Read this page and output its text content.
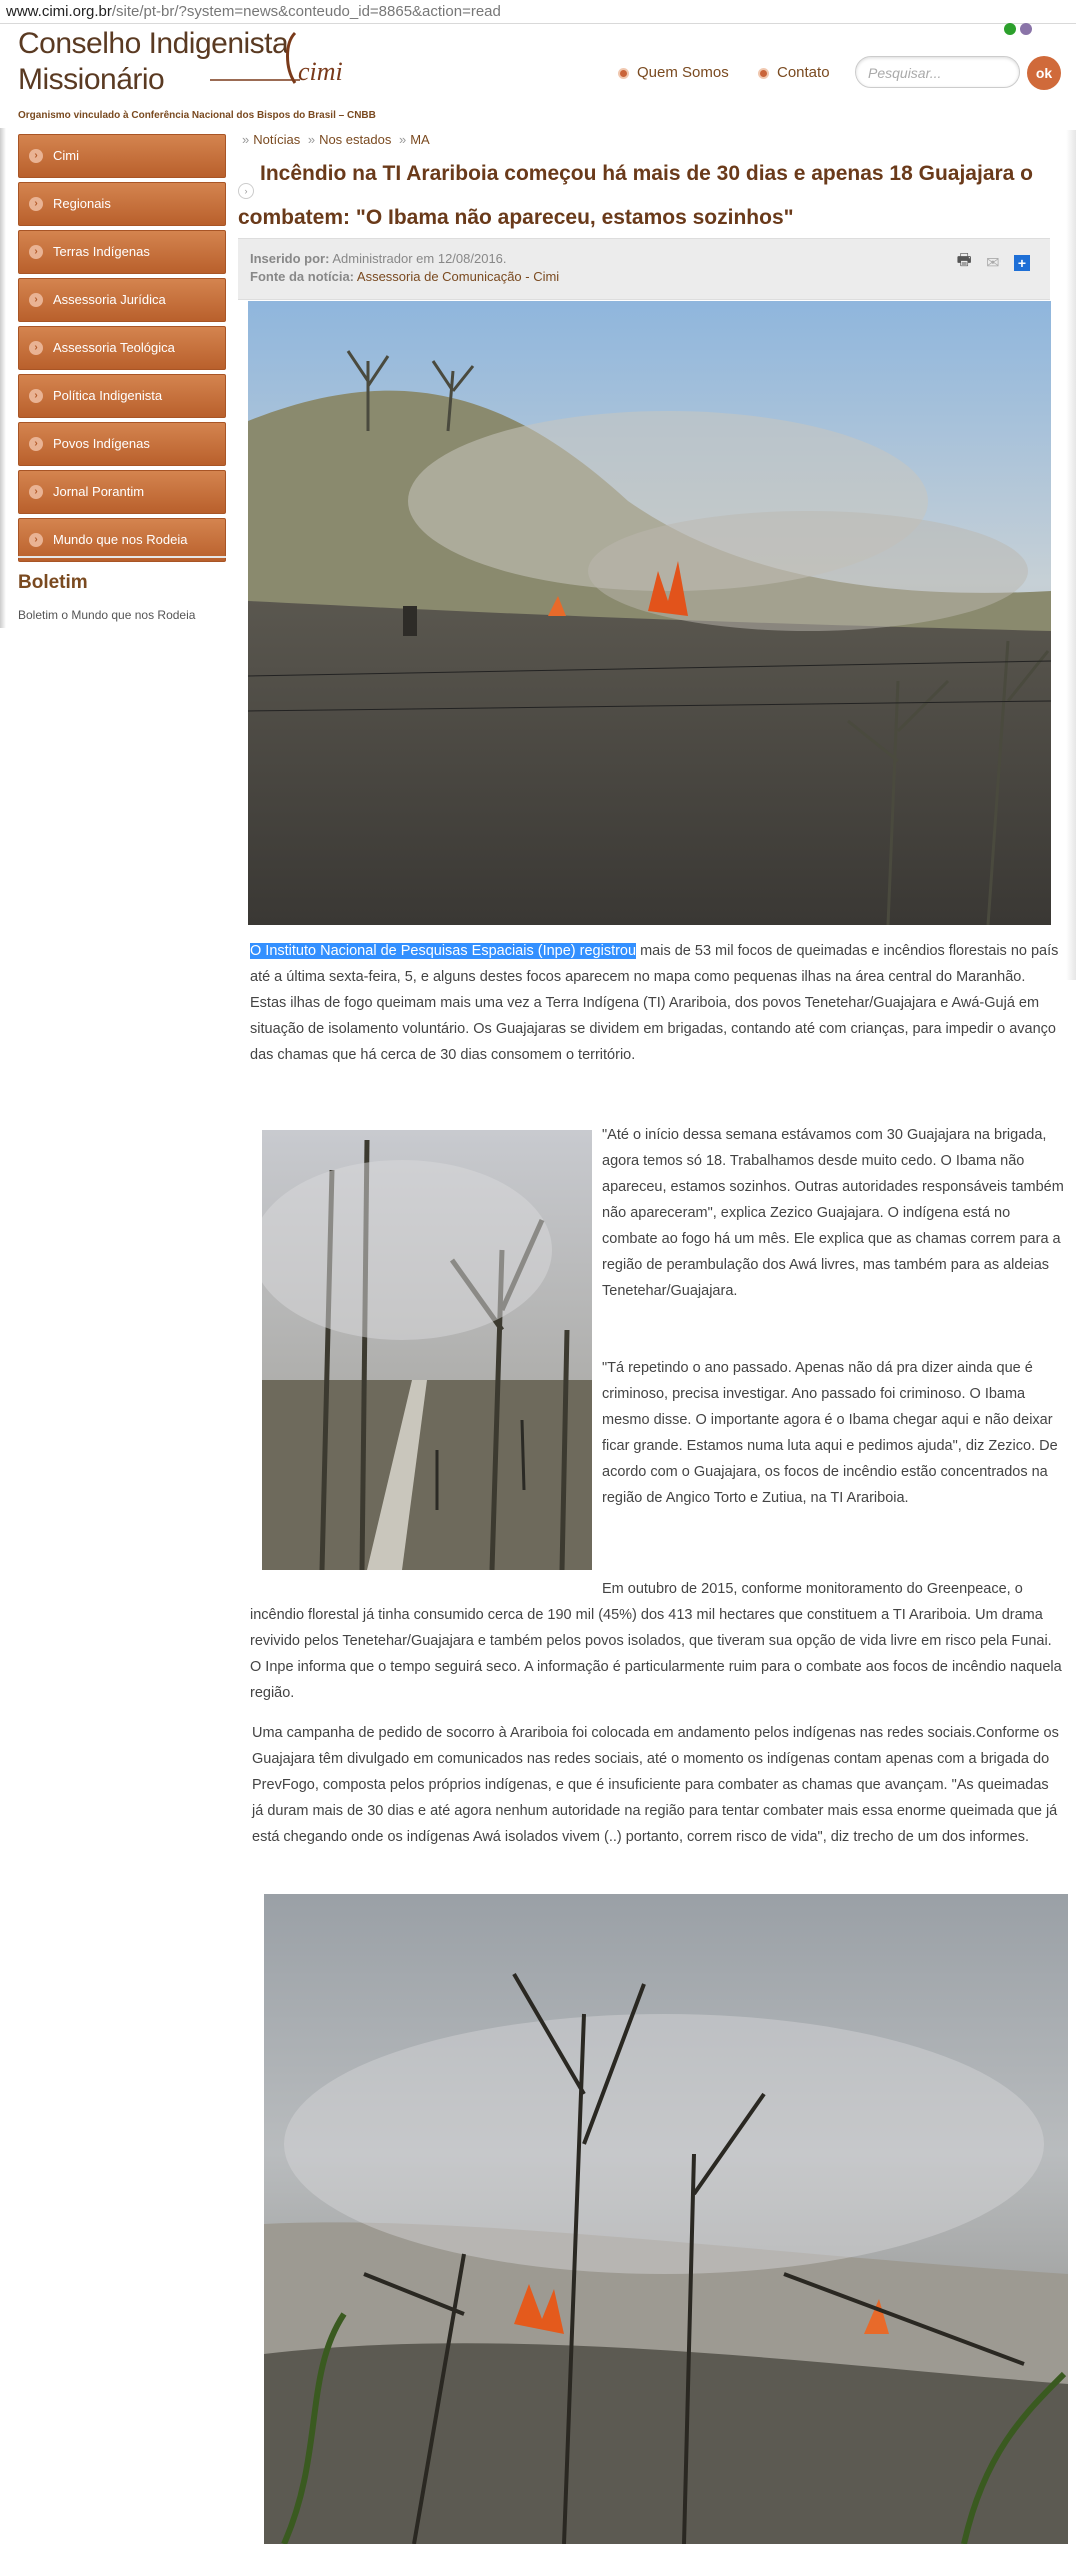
www.cimi.org.br/site/pt-br/?system=news&conteudo_id=8865&action=read
Conselho Indigenista
Missionário	cimi
Organismo vinculado à Conferência Nacional dos Bispos do Brasil – CNBB
Quem Somos	Contato	Pesquisar...	ok
›	Cimi
›	Regionais
›	Terras Indígenas
›	Assessoria Jurídica
›	Assessoria Teológica
›	Política Indigenista
›	Povos Indígenas
›	Jornal Porantim
›	Mundo que nos Rodeia
Boletim
Boletim o Mundo que nos Rodeia
» Notícias » Nos estados » MA
›
Incêndio na TI Arariboia começou há mais de 30 dias e apenas 18 Guajajara o combatem: "O Ibama não apareceu, estamos sozinhos"
Inserido por: Administrador em 12/08/2016.
Fonte da notícia: Assessoria de Comunicação - Cimi
🖶 ✉ +
O Instituto Nacional de Pesquisas Espaciais (Inpe) registrou mais de 53 mil focos de queimadas e incêndios florestais no país até a última sexta-feira, 5, e alguns destes focos aparecem no mapa como pequenas ilhas na área central do Maranhão. Estas ilhas de fogo queimam mais uma vez a Terra Indígena (TI) Arariboia, dos povos Tenetehar/Guajajara e Awá-Gujá em situação de isolamento voluntário. Os Guajajaras se dividem em brigadas, contando até com crianças, para impedir o avanço das chamas que há cerca de 30 dias consomem o território.
"Até o início dessa semana estávamos com 30 Guajajara na brigada, agora temos só 18. Trabalhamos desde muito cedo. O Ibama não apareceu, estamos sozinhos. Outras autoridades responsáveis também não apareceram", explica Zezico Guajajara. O indígena está no combate ao fogo há um mês. Ele explica que as chamas correm para a região de perambulação dos Awá livres, mas também para as aldeias Tenetehar/Guajajara.
"Tá repetindo o ano passado. Apenas não dá pra dizer ainda que é criminoso, precisa investigar. Ano passado foi criminoso. O Ibama mesmo disse. O importante agora é o Ibama chegar aqui e não deixar ficar grande. Estamos numa luta aqui e pedimos ajuda", diz Zezico. De acordo com o Guajajara, os focos de incêndio estão concentrados na região de Angico Torto e Zutiua, na TI Arariboia.
Em outubro de 2015, conforme monitoramento do Greenpeace, o incêndio florestal já tinha consumido cerca de 190 mil (45%) dos 413 mil hectares que constituem a TI Arariboia. Um drama revivido pelos Tenetehar/Guajajara e também pelos povos isolados, que tiveram sua opção de vida livre em risco pela Funai. O Inpe informa que o tempo seguirá seco. A informação é particularmente ruim para o combate aos focos de incêndio naquela região.
Uma campanha de pedido de socorro à Arariboia foi colocada em andamento pelos indígenas nas redes sociais.Conforme os Guajajara têm divulgado em comunicados nas redes sociais, até o momento os indígenas contam apenas com a brigada do PrevFogo, composta pelos próprios indígenas, e que é insuficiente para combater as chamas que avançam. "As queimadas já duram mais de 30 dias e até agora nenhum autoridade na região para tentar combater mais essa enorme queimada que já está chegando onde os indígenas Awá isolados vivem (..) portanto, correm risco de vida", diz trecho de um dos informes.
